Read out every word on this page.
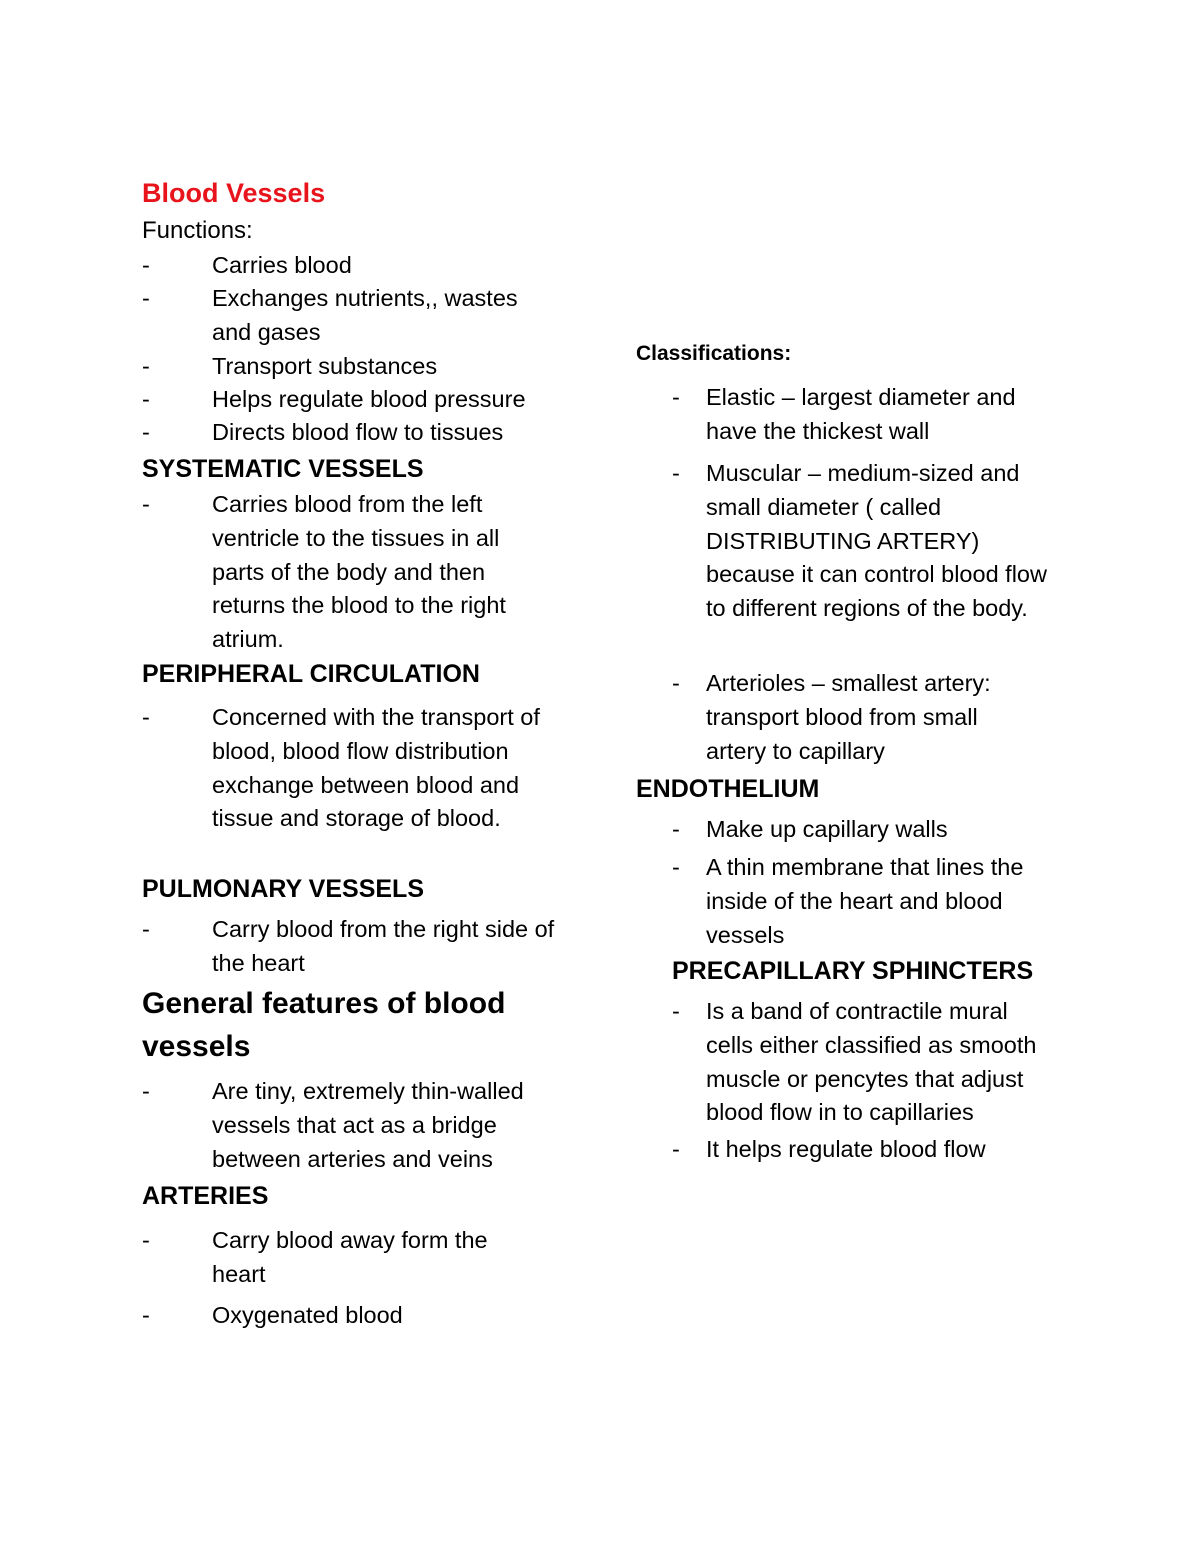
Blood Vessels
Functions:
-	Carries blood
-	Exchanges nutrients,, wastes and gases
-	Transport substances
-	Helps regulate blood pressure
-	Directs blood flow to tissues
SYSTEMATIC VESSELS
-	Carries blood from the left ventricle to the tissues in all parts of the body and then returns the blood to the right atrium.
PERIPHERAL CIRCULATION
-	Concerned with the transport of blood, blood flow distribution exchange between blood and tissue and storage of blood.
PULMONARY VESSELS
-	Carry blood from the right side of the heart
General features of blood vessels
-	Are tiny, extremely thin-walled vessels that act as a bridge between arteries and veins
ARTERIES
-	Carry blood away form the heart
-	Oxygenated blood
Classifications:
-	Elastic – largest diameter and have the thickest wall
-	Muscular – medium-sized and small diameter ( called DISTRIBUTING ARTERY) because it can control blood flow to different regions of the body.
-	Arterioles – smallest artery: transport blood from small artery to capillary
ENDOTHELIUM
-	Make up capillary walls
-	A thin membrane that lines the inside of the heart and blood vessels
PRECAPILLARY SPHINCTERS
-	Is a band of contractile mural cells either classified as smooth muscle or pencytes that adjust blood flow in to capillaries
-	It helps regulate blood flow
